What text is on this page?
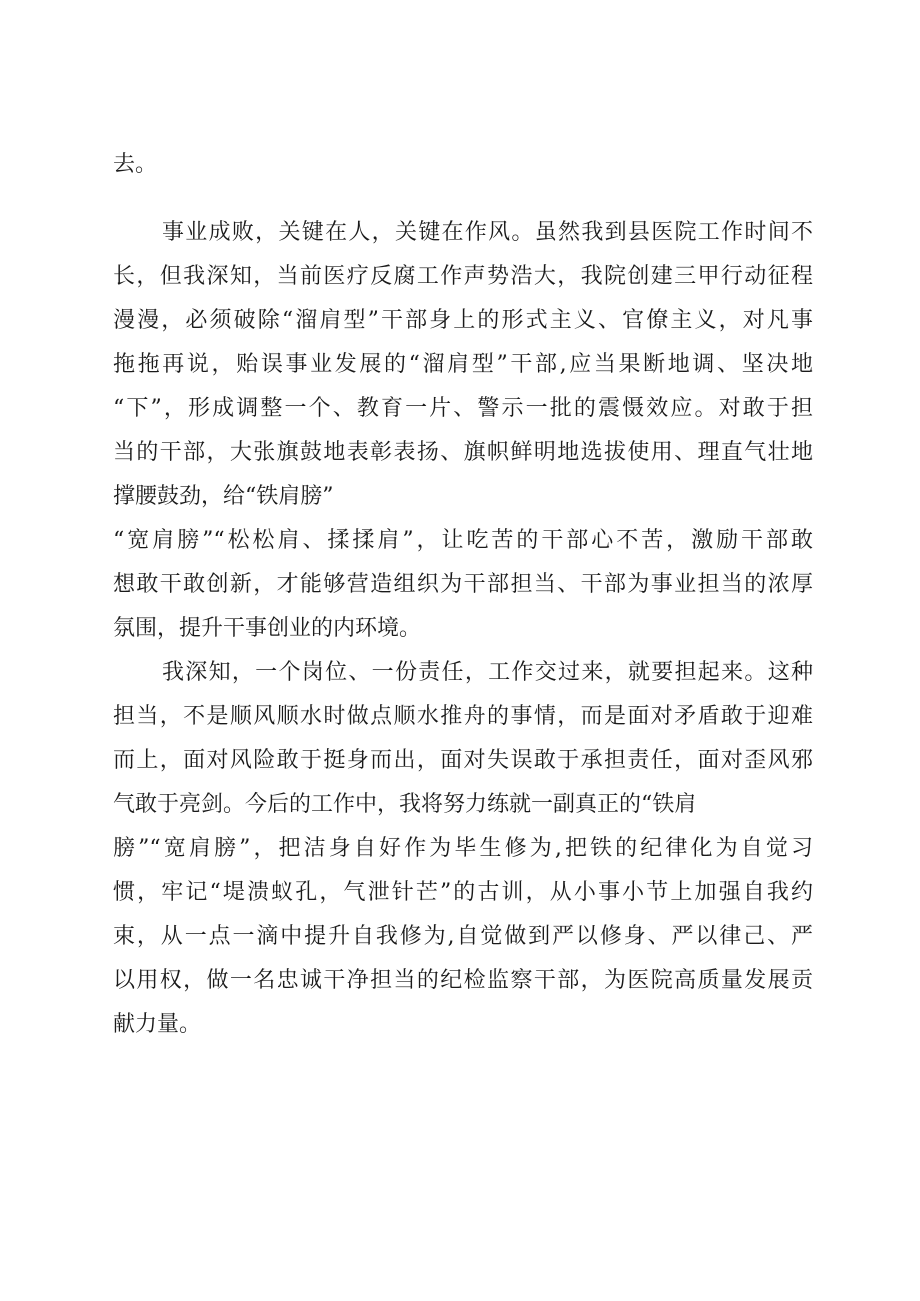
去。
事业成败，关键在人，关键在作风。虽然我到县医院工作时间不
长，但我深知，当前医疗反腐工作声势浩大，我院创建三甲行动征程
漫漫，必须破除“溜肩型”干部身上的形式主义、官僚主义，对凡事
拖拖再说，贻误事业发展的“溜肩型”干部,应当果断地调、坚决地
“下”，形成调整一个、教育一片、警示一批的震慑效应。对敢于担
当的干部，大张旗鼓地表彰表扬、旗帜鲜明地选拔使用、理直气壮地
撑腰鼓劲，给“铁肩膀”
“宽肩膀”“松松肩、揉揉肩”，让吃苦的干部心不苦，激励干部敢
想敢干敢创新，才能够营造组织为干部担当、干部为事业担当的浓厚
氛围，提升干事创业的内环境。
我深知，一个岗位、一份责任，工作交过来，就要担起来。这种
担当，不是顺风顺水时做点顺水推舟的事情，而是面对矛盾敢于迎难
而上，面对风险敢于挺身而出，面对失误敢于承担责任，面对歪风邪
气敢于亮剑。今后的工作中，我将努力练就一副真正的“铁肩
膀”“宽肩膀”，把洁身自好作为毕生修为,把铁的纪律化为自觉习
惯，牢记“堤溃蚁孔，气泄针芒”的古训，从小事小节上加强自我约
束，从一点一滴中提升自我修为,自觉做到严以修身、严以律己、严
以用权，做一名忠诚干净担当的纪检监察干部，为医院高质量发展贡
献力量。
